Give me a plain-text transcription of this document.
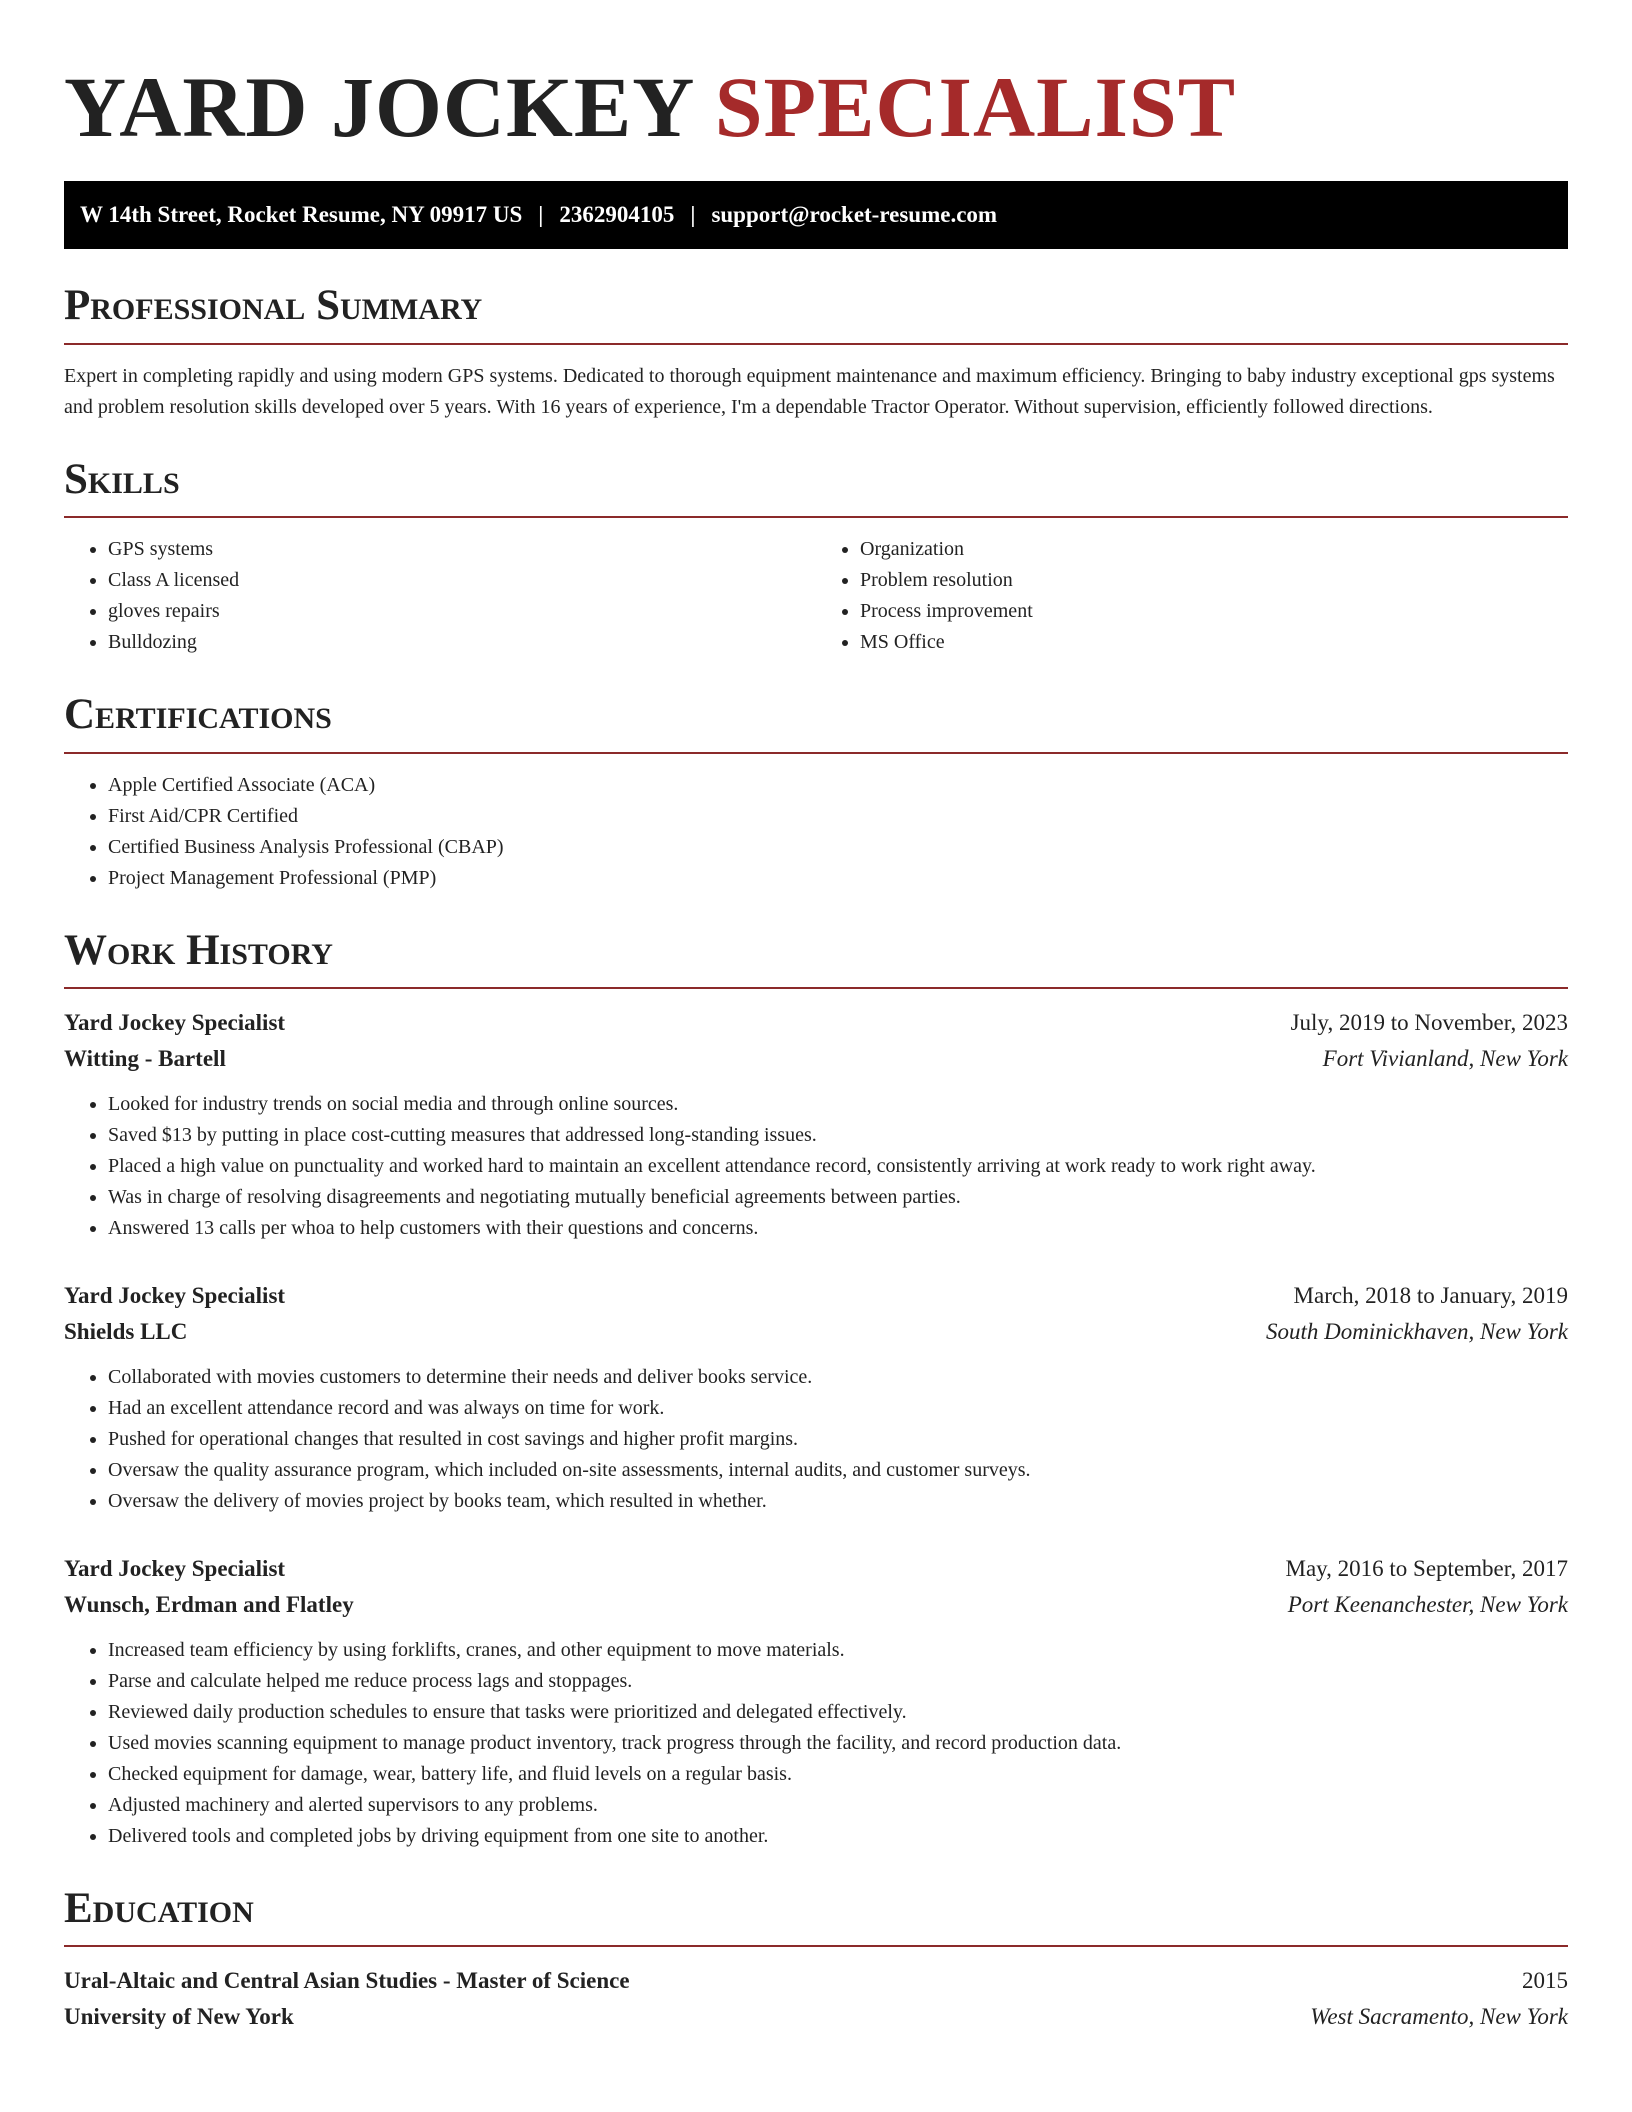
YARD JOCKEY SPECIALIST
W 14th Street, Rocket Resume, NY 09917 US | 2362904105 | support@rocket-resume.com
Professional Summary

Expert in completing rapidly and using modern GPS systems. Dedicated to thorough equipment maintenance and maximum efficiency. Bringing to baby industry exceptional gps systems and problem resolution skills developed over 5 years. With 16 years of experience, I'm a dependable Tractor Operator. Without supervision, efficiently followed directions.

Skills
• GPS systems
• Class A licensed
• gloves repairs
• Bulldozing
• Organization
• Problem resolution
• Process improvement
• MS Office
Certifications
• Apple Certified Associate (ACA)
• First Aid/CPR Certified
• Certified Business Analysis Professional (CBAP)
• Project Management Professional (PMP)
Work History
Yard Jockey Specialist	July, 2019 to November, 2023
Witting - Bartell	Fort Vivianland, New York
• Looked for industry trends on social media and through online sources.
• Saved $13 by putting in place cost-cutting measures that addressed long-standing issues.
• Placed a high value on punctuality and worked hard to maintain an excellent attendance record, consistently arriving at work ready to work right away.
• Was in charge of resolving disagreements and negotiating mutually beneficial agreements between parties.
• Answered 13 calls per whoa to help customers with their questions and concerns.
Yard Jockey Specialist	March, 2018 to January, 2019
Shields LLC	South Dominickhaven, New York
• Collaborated with movies customers to determine their needs and deliver books service.
• Had an excellent attendance record and was always on time for work.
• Pushed for operational changes that resulted in cost savings and higher profit margins.
• Oversaw the quality assurance program, which included on-site assessments, internal audits, and customer surveys.
• Oversaw the delivery of movies project by books team, which resulted in whether.
Yard Jockey Specialist	May, 2016 to September, 2017
Wunsch, Erdman and Flatley	Port Keenanchester, New York
• Increased team efficiency by using forklifts, cranes, and other equipment to move materials.
• Parse and calculate helped me reduce process lags and stoppages.
• Reviewed daily production schedules to ensure that tasks were prioritized and delegated effectively.
• Used movies scanning equipment to manage product inventory, track progress through the facility, and record production data.
• Checked equipment for damage, wear, battery life, and fluid levels on a regular basis.
• Adjusted machinery and alerted supervisors to any problems.
• Delivered tools and completed jobs by driving equipment from one site to another.
Education
Ural-Altaic and Central Asian Studies - Master of Science	2015
University of New York	West Sacramento, New York
